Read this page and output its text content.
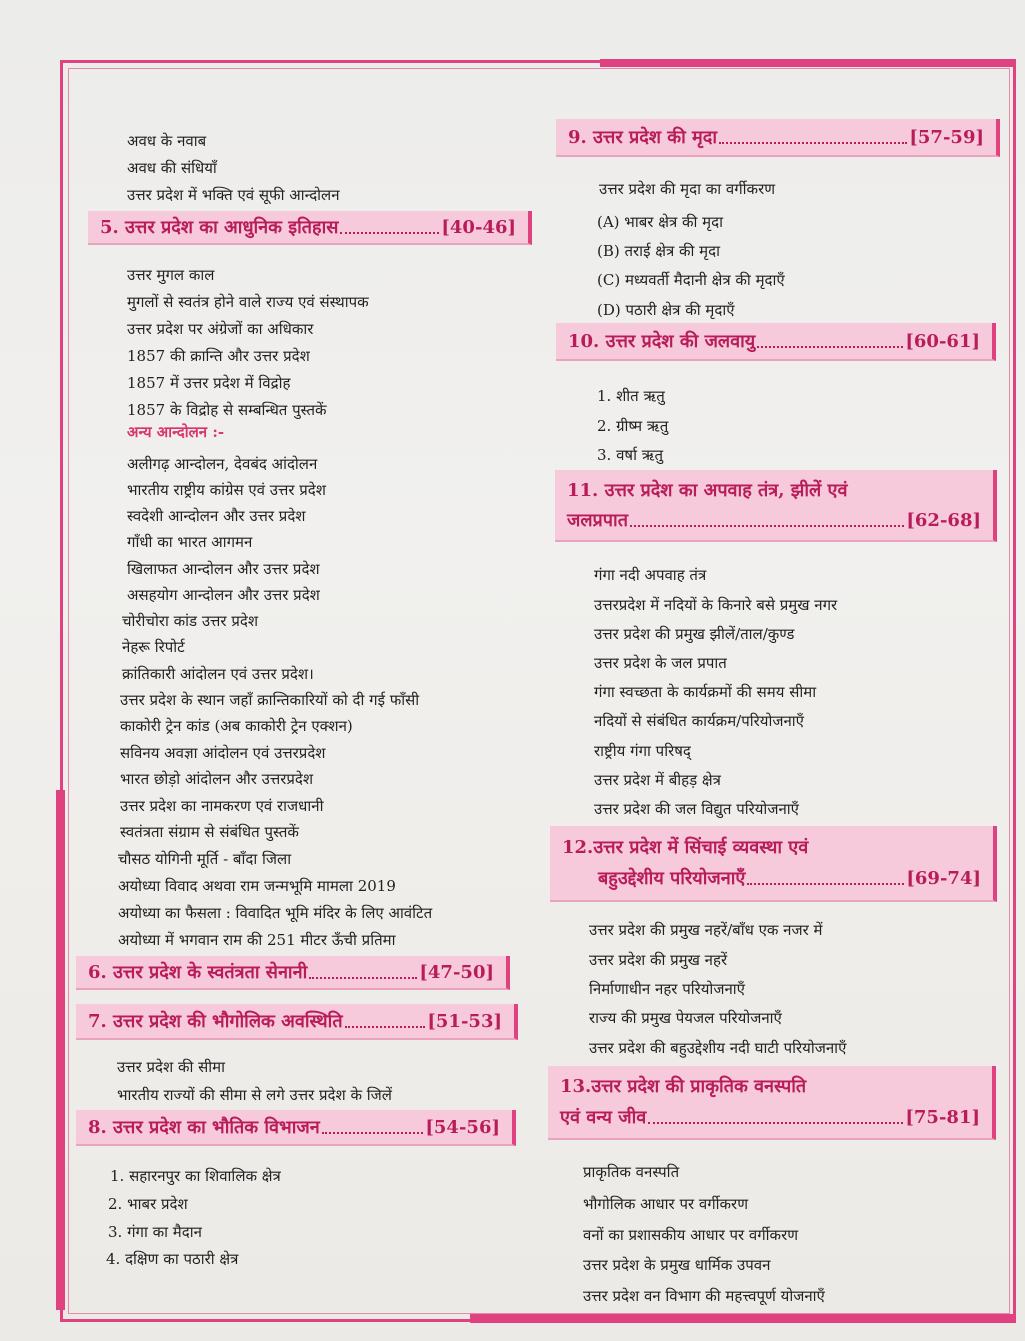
अवध के नवाब
अवध की संधियाँ
उत्तर प्रदेश में भक्ति एवं सूफी आन्दोलन
5. उत्तर प्रदेश का आधुनिक इतिहास	[40-46]
उत्तर मुगल काल
मुगलों से स्वतंत्र होने वाले राज्य एवं संस्थापक
उत्तर प्रदेश पर अंग्रेजों का अधिकार
1857 की क्रान्ति और उत्तर प्रदेश
1857 में उत्तर प्रदेश में विद्रोह
1857 के विद्रोह से सम्बन्धित पुस्तकें
अन्य आन्दोलन :-
अलीगढ़ आन्दोलन, देवबंद आंदोलन
भारतीय राष्ट्रीय कांग्रेस एवं उत्तर प्रदेश
स्वदेशी आन्दोलन और उत्तर प्रदेश
गाँधी का भारत आगमन
खिलाफत आन्दोलन और उत्तर प्रदेश
असहयोग आन्दोलन और उत्तर प्रदेश
चोरीचोरा कांड उत्तर प्रदेश
नेहरू रिपोर्ट
क्रांतिकारी आंदोलन एवं उत्तर प्रदेश।
उत्तर प्रदेश के स्थान जहाँ क्रान्तिकारियों को दी गई फाँसी
काकोरी ट्रेन कांड (अब काकोरी ट्रेन एक्शन)
सविनय अवज्ञा आंदोलन एवं उत्तरप्रदेश
भारत छोड़ो आंदोलन और उत्तरप्रदेश
उत्तर प्रदेश का नामकरण एवं राजधानी
स्वतंत्रता संग्राम से संबंधित पुस्तकें
चौसठ योगिनी मूर्ति - बाँदा जिला
अयोध्या विवाद अथवा राम जन्मभूमि मामला 2019
अयोध्या का फैसला : विवादित भूमि मंदिर के लिए आवंटित
अयोध्या में भगवान राम की 251 मीटर ऊँची प्रतिमा
6. उत्तर प्रदेश के स्वतंत्रता सेनानी	[47-50]
7. उत्तर प्रदेश की भौगोलिक अवस्थिति	[51-53]
उत्तर प्रदेश की सीमा
भारतीय राज्यों की सीमा से लगे उत्तर प्रदेश के जिलें
8. उत्तर प्रदेश का भौतिक विभाजन	[54-56]
1. सहारनपुर का शिवालिक क्षेत्र
2. भाबर प्रदेश
3. गंगा का मैदान
4. दक्षिण का पठारी क्षेत्र
9. उत्तर प्रदेश की मृदा	[57-59]
उत्तर प्रदेश की मृदा का वर्गीकरण
(A) भाबर क्षेत्र की मृदा
(B) तराई क्षेत्र की मृदा
(C) मध्यवर्ती मैदानी क्षेत्र की मृदाएँ
(D) पठारी क्षेत्र की मृदाएँ
10. उत्तर प्रदेश की जलवायु	[60-61]
1. शीत ऋतु
2. ग्रीष्म ऋतु
3. वर्षा ऋतु
11. उत्तर प्रदेश का अपवाह तंत्र, झीलें एवं
जलप्रपात	[62-68]
गंगा नदी अपवाह तंत्र
उत्तरप्रदेश में नदियों के किनारे बसे प्रमुख नगर
उत्तर प्रदेश की प्रमुख झीलें/ताल/कुण्ड
उत्तर प्रदेश के जल प्रपात
गंगा स्वच्छता के कार्यक्रमों की समय सीमा
नदियों से संबंधित कार्यक्रम/परियोजनाएँ
राष्ट्रीय गंगा परिषद्
उत्तर प्रदेश में बीहड़ क्षेत्र
उत्तर प्रदेश की जल विद्युत परियोजनाएँ
12.उत्तर प्रदेश में सिंचाई व्यवस्था एवं
बहुउद्देशीय परियोजनाएँ	[69-74]
उत्तर प्रदेश की प्रमुख नहरें/बाँध एक नजर में
उत्तर प्रदेश की प्रमुख नहरें
निर्माणाधीन नहर परियोजनाएँ
राज्य की प्रमुख पेयजल परियोजनाएँ
उत्तर प्रदेश की बहुउद्देशीय नदी घाटी परियोजनाएँ
13.उत्तर प्रदेश की प्राकृतिक वनस्पति
एवं वन्य जीव	[75-81]
प्राकृतिक वनस्पति
भौगोलिक आधार पर वर्गीकरण
वनों का प्रशासकीय आधार पर वर्गीकरण
उत्तर प्रदेश के प्रमुख धार्मिक उपवन
उत्तर प्रदेश वन विभाग की महत्त्वपूर्ण योजनाएँ
